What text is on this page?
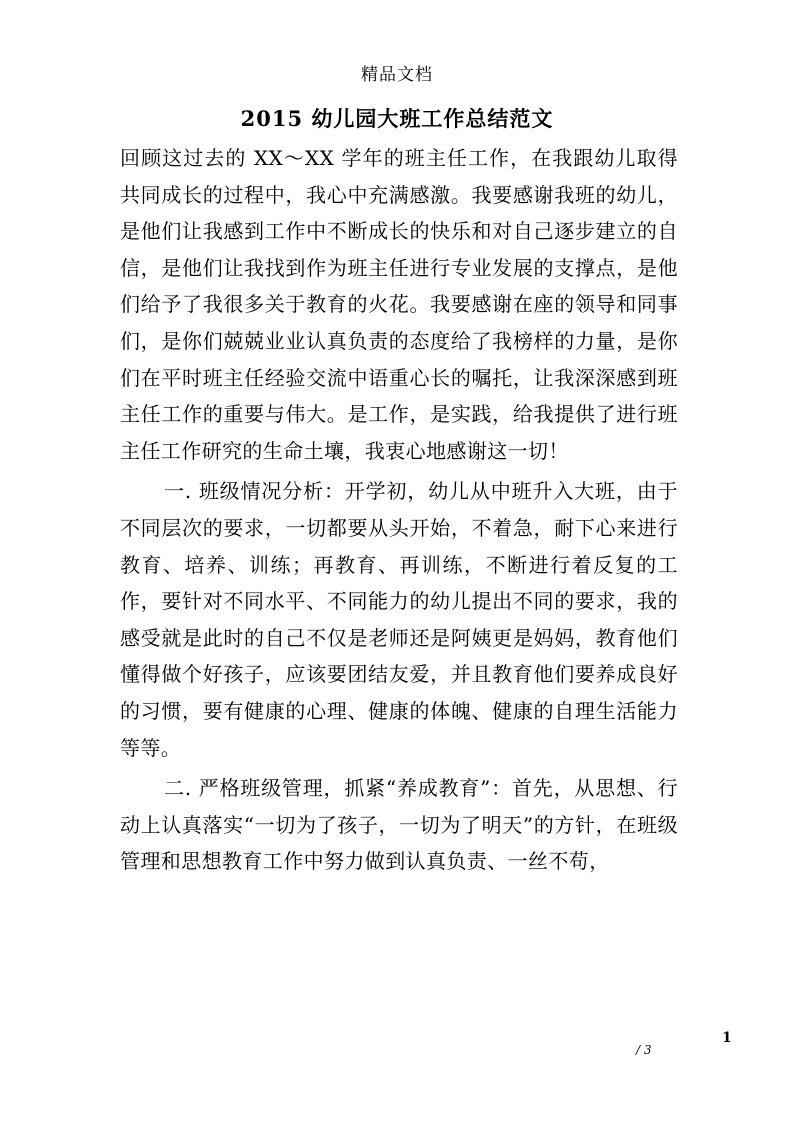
精品文档
2015 幼儿园大班工作总结范文

回顾这过去的 XX～XX 学年的班主任工作，在我跟幼儿取得共同成长的过程中，我心中充满感激。我要感谢我班的幼儿，是他们让我感到工作中不断成长的快乐和对自己逐步建立的自信，是他们让我找到作为班主任进行专业发展的支撑点，是他们给予了我很多关于教育的火花。我要感谢在座的领导和同事们，是你们兢兢业业认真负责的态度给了我榜样的力量，是你们在平时班主任经验交流中语重心长的嘱托，让我深深感到班主任工作的重要与伟大。是工作，是实践，给我提供了进行班主任工作研究的生命土壤，我衷心地感谢这一切！

一. 班级情况分析：开学初，幼儿从中班升入大班，由于不同层次的要求，一切都要从头开始，不着急，耐下心来进行教育、培养、训练；再教育、再训练，不断进行着反复的工作，要针对不同水平、不同能力的幼儿提出不同的要求，我的感受就是此时的自己不仅是老师还是阿姨更是妈妈，教育他们懂得做个好孩子，应该要团结友爱，并且教育他们要养成良好的习惯，要有健康的心理、健康的体魄、健康的自理生活能力等等。

二. 严格班级管理，抓紧“养成教育”：首先，从思想、行动上认真落实“一切为了孩子，一切为了明天”的方针，在班级管理和思想教育工作中努力做到认真负责、一丝不苟，

1
/ 3
